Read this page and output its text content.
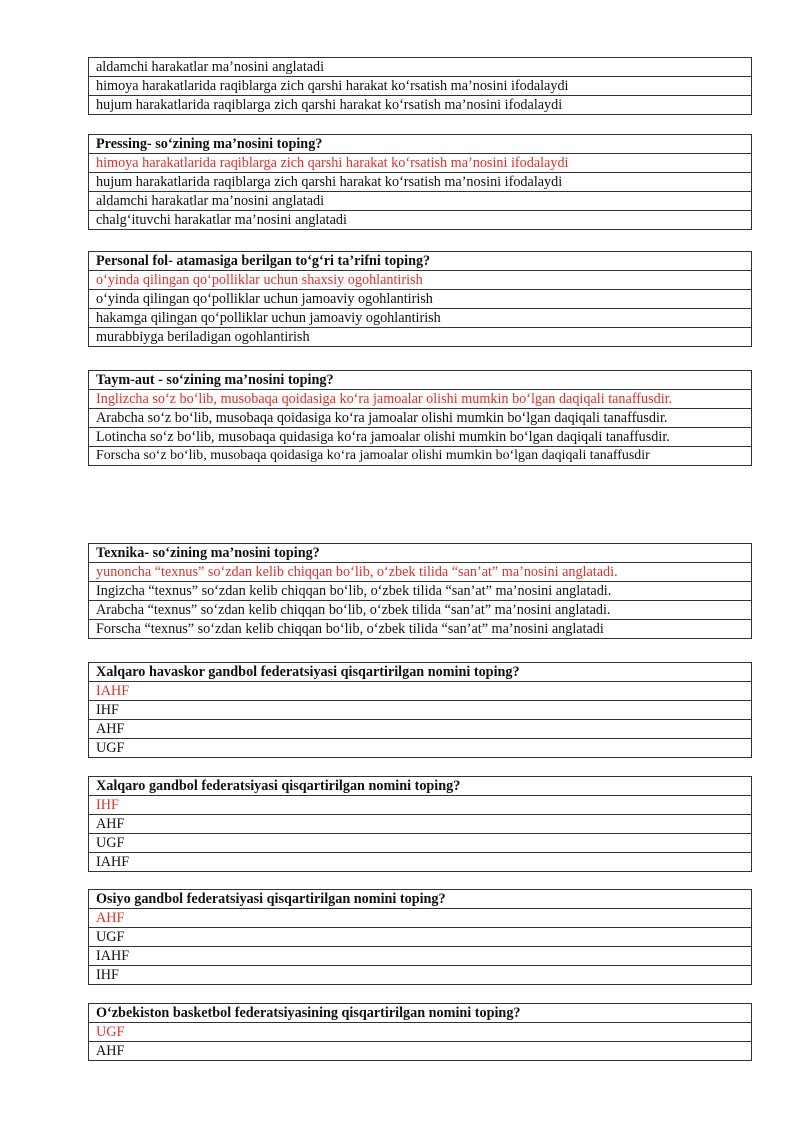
aldamchi harakatlar ma’nosini anglatadi
himoya harakatlarida raqiblarga zich qarshi harakat ko‘rsatish ma’nosini ifodalaydi
hujum harakatlarida raqiblarga zich qarshi harakat ko‘rsatish ma’nosini ifodalaydi
Pressing- so‘zining ma’nosini toping?
himoya harakatlarida raqiblarga zich qarshi harakat ko‘rsatish ma’nosini ifodalaydi
hujum harakatlarida raqiblarga zich qarshi harakat ko‘rsatish ma’nosini ifodalaydi
aldamchi harakatlar ma’nosini anglatadi
chalg‘ituvchi harakatlar ma’nosini anglatadi
Personal fol- atamasiga berilgan to‘g‘ri ta’rifni toping?
o‘yinda qilingan qo‘polliklar uchun shaxsiy ogohlantirish
o‘yinda qilingan qo‘polliklar uchun jamoaviy ogohlantirish
hakamga qilingan qo‘polliklar uchun jamoaviy ogohlantirish
murabbiyga beriladigan ogohlantirish
Taym-aut - so‘zining ma’nosini toping?
Inglizcha so‘z bo‘lib, musobaqa qoidasiga ko‘ra jamoalar olishi mumkin bo‘lgan daqiqali tanaffusdir.
Arabcha so‘z bo‘lib, musobaqa qoidasiga ko‘ra jamoalar olishi mumkin bo‘lgan daqiqali tanaffusdir.
Lotincha so‘z bo‘lib, musobaqa quidasiga ko‘ra jamoalar olishi mumkin bo‘lgan daqiqali tanaffusdir.
Forscha so‘z bo‘lib, musobaqa qoidasiga ko‘ra jamoalar olishi mumkin bo‘lgan daqiqali tanaffusdir
Texnika- so‘zining ma’nosini toping?
yunoncha “texnus” so‘zdan kelib chiqqan bo‘lib, o‘zbek tilida “san’at” ma’nosini anglatadi.
Ingizcha “texnus” so‘zdan kelib chiqqan bo‘lib, o‘zbek tilida “san’at” ma’nosini anglatadi.
Arabcha “texnus” so‘zdan kelib chiqqan bo‘lib, o‘zbek tilida “san’at” ma’nosini anglatadi.
Forscha “texnus” so‘zdan kelib chiqqan bo‘lib, o‘zbek tilida “san’at” ma’nosini anglatadi
Xalqaro havaskor gandbol federatsiyasi qisqartirilgan nomini toping?
IAHF
IHF
AHF
UGF
Xalqaro gandbol federatsiyasi qisqartirilgan nomini toping?
IHF
AHF
UGF
IAHF
Osiyo gandbol federatsiyasi qisqartirilgan nomini toping?
AHF
UGF
IAHF
IHF
O‘zbekiston basketbol federatsiyasining qisqartirilgan nomini toping?
UGF
AHF
